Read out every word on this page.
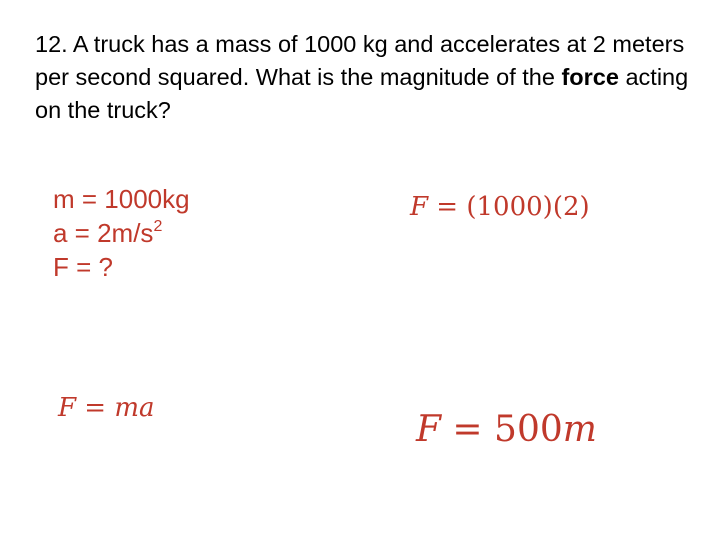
12. A truck has a mass of 1000 kg and accelerates at 2 meters per second squared. What is the magnitude of the force acting on the truck?
m = 1000kg
$a = 2m/s^2$
F = ?
F = (1000)(2)
F = ma
F = 500m
